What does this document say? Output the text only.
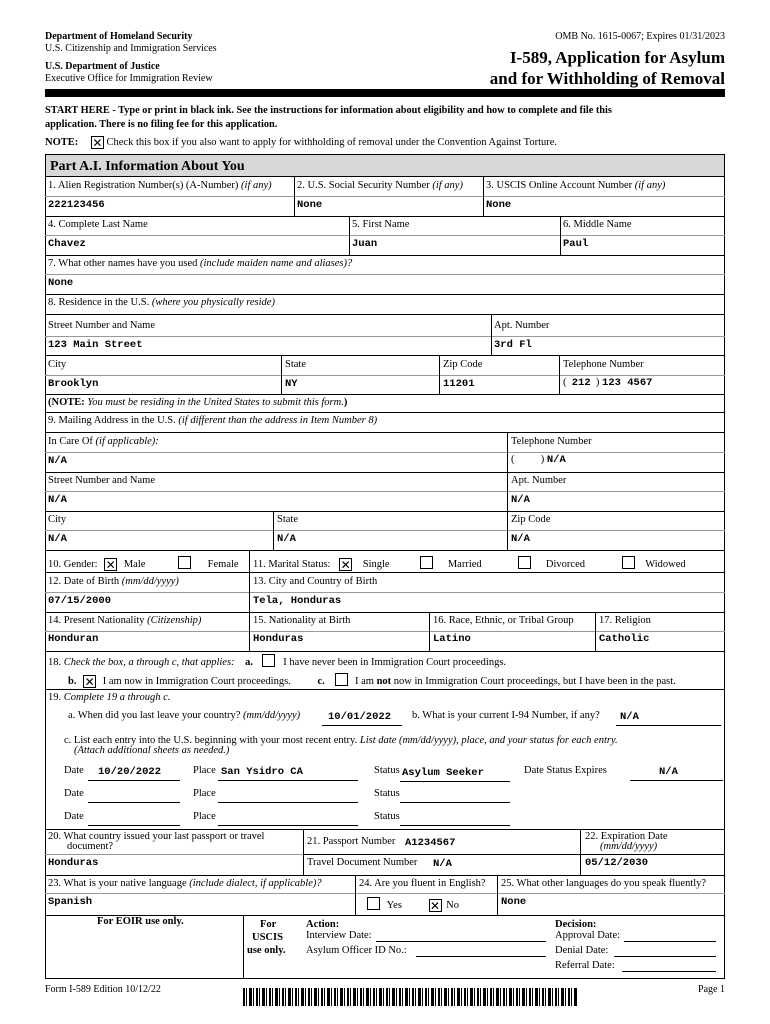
Department of Homeland Security
U.S. Citizenship and Immigration Services
U.S. Department of Justice
Executive Office for Immigration Review
OMB No. 1615-0067; Expires 01/31/2023
I-589, Application for Asylum
and for Withholding of Removal
START HERE - Type or print in black ink. See the instructions for information about eligibility and how to complete and file this
application. There is no filing fee for this application.
NOTE: ✕ Check this box if you also want to apply for withholding of removal under the Convention Against Torture.
Part A.I. Information About You
1. Alien Registration Number(s) (A-Number) (if any) 2. U.S. Social Security Number (if any) 3. USCIS Online Account Number (if any)
222123456	None	None
4. Complete Last Name	5. First Name	6. Middle Name
Chavez	Juan	Paul
7. What other names have you used (include maiden name and aliases)?
None
8. Residence in the U.S. (where you physically reside)
Street Number and Name	Apt. Number
123 Main Street	3rd Fl
City	State	Zip Code	Telephone Number
Brooklyn	NY	11201	(  212  ) 123 4567
(NOTE: You must be residing in the United States to submit this form.)
9. Mailing Address in the U.S. (if different than the address in Item Number 8)
In Care Of (if applicable):	Telephone Number
N/A	(          ) N/A
Street Number and Name	Apt. Number
N/A	N/A
City	State	Zip Code
N/A	N/A	N/A
10. Gender: ✕ Male	Female 11. Marital Status: ✕ Single	Married	Divorced	Widowed
12. Date of Birth (mm/dd/yyyy)	13. City and Country of Birth
07/15/2000	Tela, Honduras
14. Present Nationality (Citizenship)	15. Nationality at Birth	16. Race, Ethnic, or Tribal Group 17. Religion
Honduran	Honduras	Latino	Catholic
18. Check the box, a through c, that applies: a.	I have never been in Immigration Court proceedings.
b. ✕ I am now in Immigration Court proceedings.	c.	I am not now in Immigration Court proceedings, but I have been in the past.
19. Complete 19 a through c.
a. When did you last leave your country? (mm/dd/yyyy)	10/01/2022 b. What is your current I-94 Number, if any? N/A
c. List each entry into the U.S. beginning with your most recent entry. List date (mm/dd/yyyy), place, and your status for each entry.
(Attach additional sheets as needed.)
Date 10/20/2022	Place San Ysidro CA	Status Asylum Seeker	Date Status Expires	N/A
Date	Place	Status
Date	Place	Status
20. What country issued your last passport or travel
document?
Honduras
21. Passport Number A1234567
Travel Document Number N/A
22. Expiration Date
(mm/dd/yyyy)
05/12/2030
23. What is your native language (include dialect, if applicable)?
Spanish
24. Are you fluent in English?
Yes ✕ No
25. What other languages do you speak fluently?
None
For EOIR use only.	For
USCIS
use only.
Action:
Interview Date:
Asylum Officer ID No.:
Decision:
Approval Date:
Denial Date:
Referral Date:
Form I-589 Edition 10/12/22	Page 1
